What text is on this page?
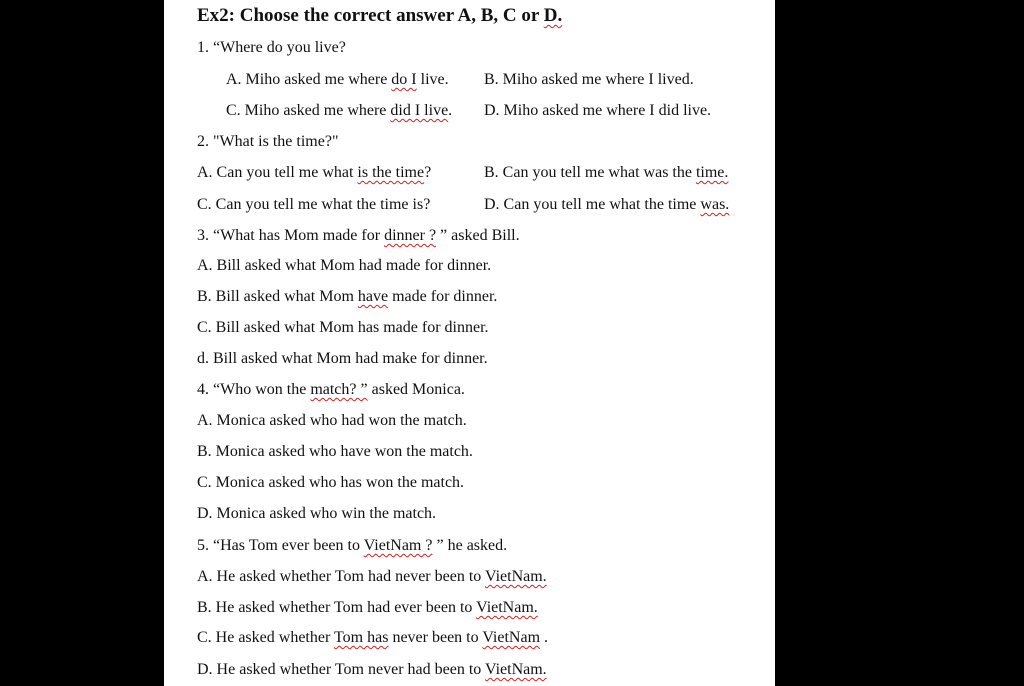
Ex2: Choose the correct answer A, B, C or D.
1. “Where do you live?
A. Miho asked me where do I live. B. Miho asked me where I lived.
C. Miho asked me where did I live. D. Miho asked me where I did live.
2. "What is the time?"
A. Can you tell me what is the time?	B. Can you tell me what was the time.
C. Can you tell me what the time is?	D. Can you tell me what the time was.
3. “What has Mom made for dinner ? ” asked Bill.
A. Bill asked what Mom had made for dinner.
B. Bill asked what Mom have made for dinner.
C. Bill asked what Mom has made for dinner.
d. Bill asked what Mom had make for dinner.
4. “Who won the match? ” asked Monica.
A. Monica asked who had won the match.
B. Monica asked who have won the match.
C. Monica asked who has won the match.
D. Monica asked who win the match.
5. “Has Tom ever been to VietNam ? ” he asked.
A. He asked whether Tom had never been to VietNam.
B. He asked whether Tom had ever been to VietNam.
C. He asked whether Tom has never been to VietNam .
D. He asked whether Tom never had been to VietNam.
